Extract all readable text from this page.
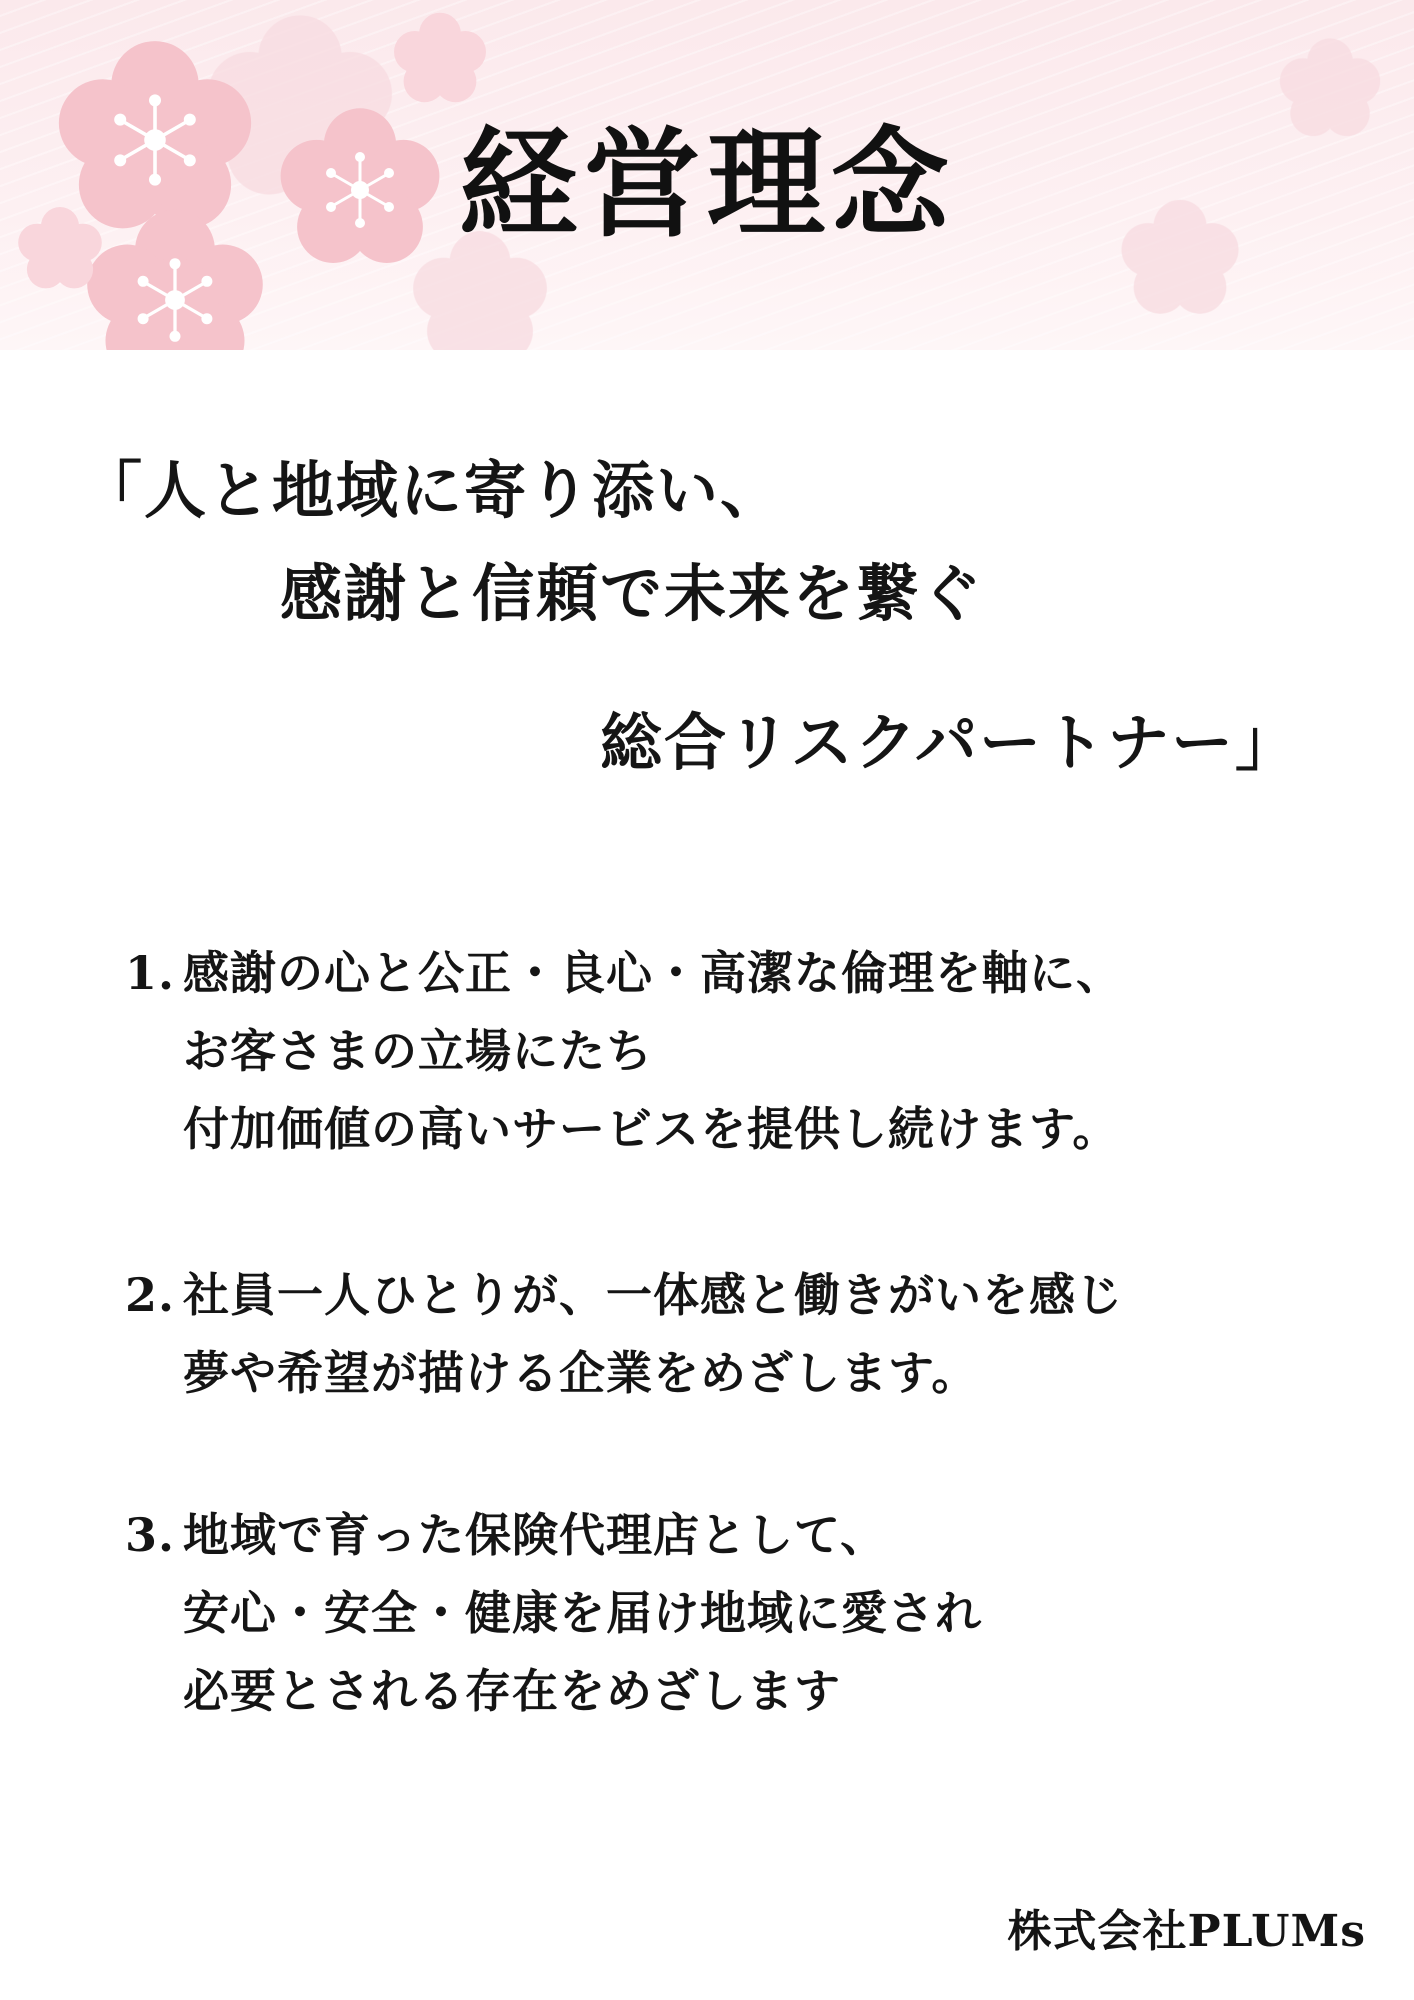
経営理念
「人と地域に寄り添い、
感謝と信頼で未来を繋ぐ
総合リスクパートナー」
1. 感謝の心と公正・良心・高潔な倫理を軸に、
お客さまの立場にたち
付加価値の高いサービスを提供し続けます。
2. 社員一人ひとりが、一体感と働きがいを感じ
夢や希望が描ける企業をめざします。
3. 地域で育った保険代理店として、
安心・安全・健康を届け地域に愛され
必要とされる存在をめざします
株式会社PLUMs
